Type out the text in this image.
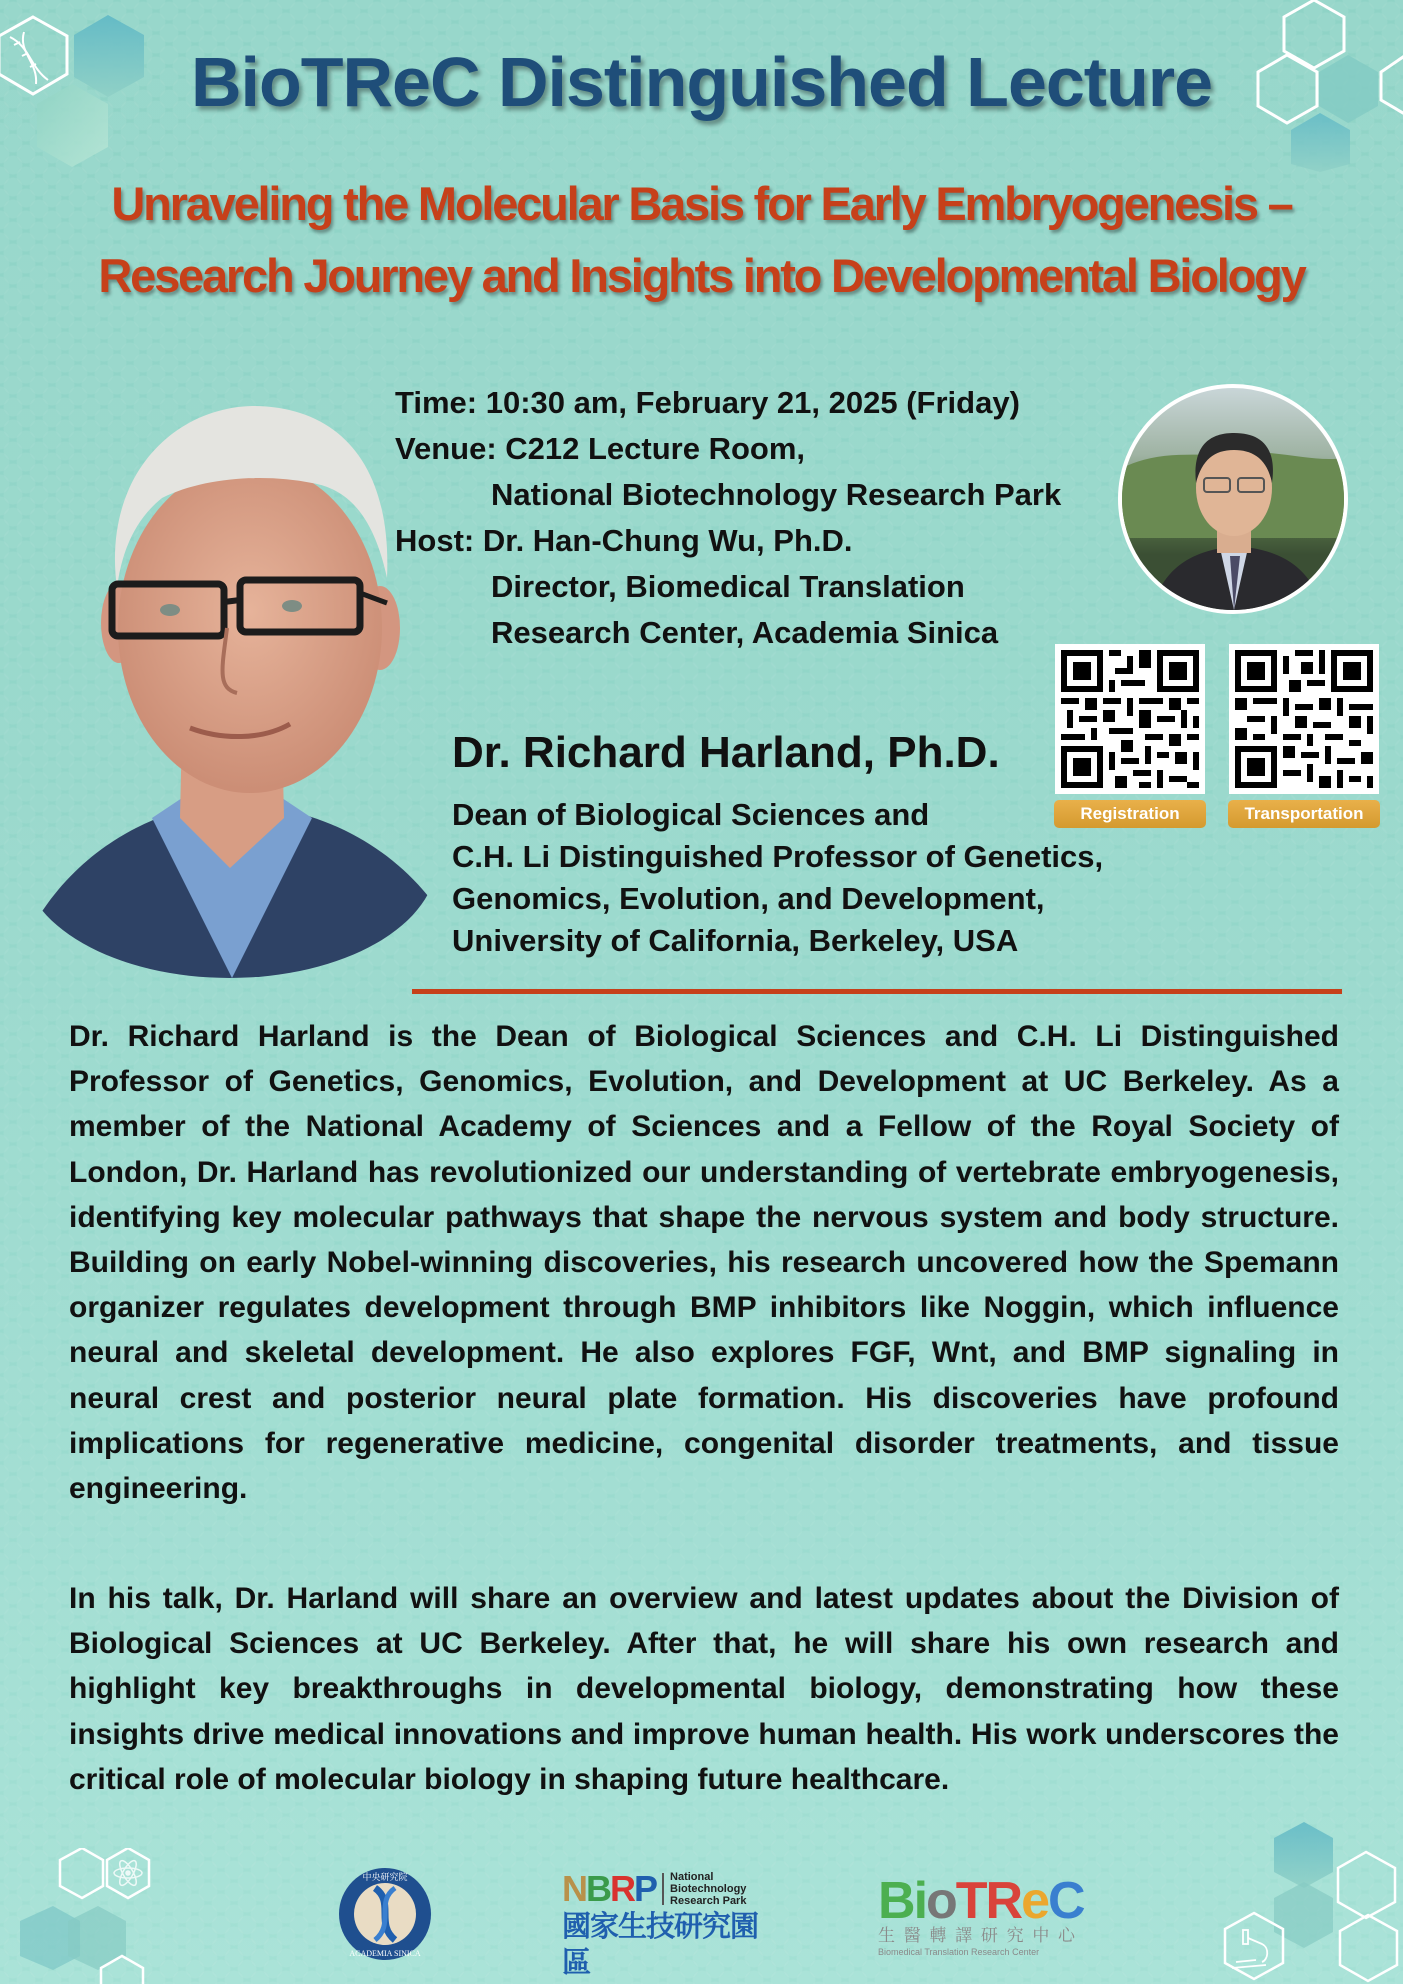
BioTReC Distinguished Lecture
Unraveling the Molecular Basis for Early Embryogenesis –
Research Journey and Insights into Developmental Biology
Time: 10:30 am, February 21, 2025 (Friday)
Venue: C212 Lecture Room,
National Biotechnology Research Park
Host: Dr. Han-Chung Wu, Ph.D.
Director, Biomedical Translation
Research Center, Academia Sinica
Registration	Transportation
Dr. Richard Harland, Ph.D.
Dean of Biological Sciences and
C.H. Li Distinguished Professor of Genetics,
Genomics, Evolution, and Development,
University of California, Berkeley, USA
Dr. Richard Harland is the Dean of Biological Sciences and C.H. Li Distinguished Professor of Genetics, Genomics, Evolution, and Development at UC Berkeley. As a member of the National Academy of Sciences and a Fellow of the Royal Society of London, Dr. Harland has revolutionized our understanding of vertebrate embryogenesis, identifying key molecular pathways that shape the nervous system and body structure. Building on early Nobel-winning discoveries, his research uncovered how the Spemann organizer regulates development through BMP inhibitors like Noggin, which influence neural and skeletal development. He also explores FGF, Wnt, and BMP signaling in neural crest and posterior neural plate formation. His discoveries have profound implications for regenerative medicine, congenital disorder treatments, and tissue engineering.
In his talk, Dr. Harland will share an overview and latest updates about the Division of Biological Sciences at UC Berkeley. After that, he will share his own research and highlight key breakthroughs in developmental biology, demonstrating how these insights drive medical innovations and improve human health. His work underscores the critical role of molecular biology in shaping future healthcare.
中央研究院
ACADEMIA SINICA
NBRP National
Biotechnology
Research Park
國家生技研究園區
BioTReC
生 醫 轉 譯 研 究 中 心
Biomedical Translation Research Center
